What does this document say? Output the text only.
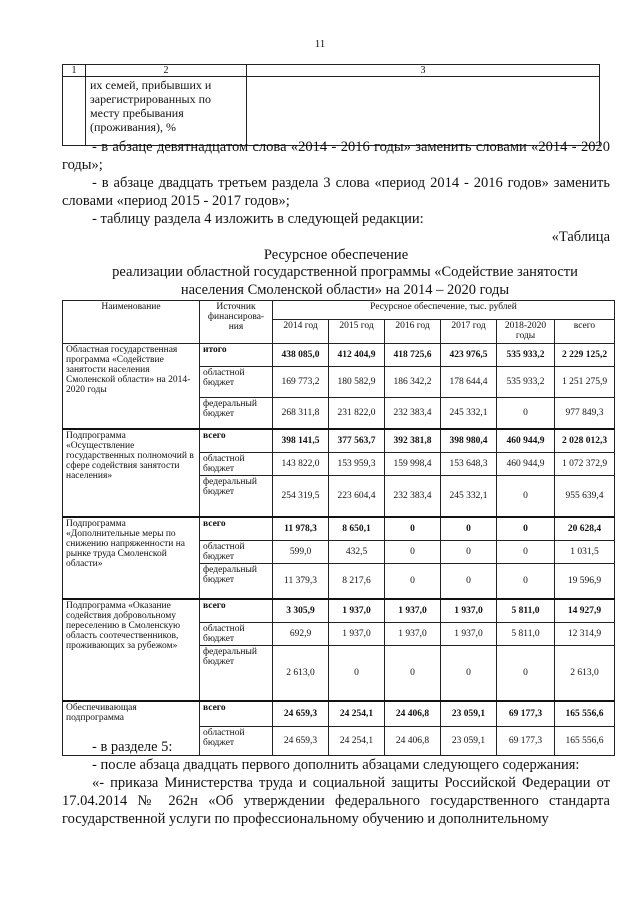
11
1	2	3
	их семей, прибывших и зарегистрированных по месту пребывания (проживания), %	
- в абзаце девятнадцатом слова «2014 - 2016 годы» заменить словами «2014 - 2020 годы»;
- в абзаце двадцать третьем раздела 3 слова «период 2014 - 2016 годов» заменить словами «период 2015 - 2017 годов»;
- таблицу раздела 4 изложить в следующей редакции:
«Таблица
Ресурсное обеспечение
реализации областной государственной программы «Содействие занятости населения Смоленской области» на 2014 – 2020 годы
Наименование	Источник финансирова-ния	Ресурсное обеспечение, тыс. рублей					
		2014 год	2015 год	2016 год	2017 год	2018-2020 годы	всего
Областная государственная программа «Содействие занятости населения Смоленской области» на 2014-2020 годы	итого	438 085,0	412 404,9	418 725,6	423 976,5	535 933,2	2 229 125,2
	областной бюджет	169 773,2	180 582,9	186 342,2	178 644,4	535 933,2	1 251 275,9
	федеральный бюджет	268 311,8	231 822,0	232 383,4	245 332,1	0	977 849,3
Подпрограмма «Осуществление государственных полномочий в сфере содействия занятости населения»	всего	398 141,5	377 563,7	392 381,8	398 980,4	460 944,9	2 028 012,3
	областной бюджет	143 822,0	153 959,3	159 998,4	153 648,3	460 944,9	1 072 372,9
	федеральный бюджет	254 319,5	223 604,4	232 383,4	245 332,1	0	955 639,4
Подпрограмма «Дополнительные меры по снижению напряженности на рынке труда Смоленской области»	всего	11 978,3	8 650,1	0	0	0	20 628,4
	областной бюджет	599,0	432,5	0	0	0	1 031,5
	федеральный бюджет	11 379,3	8 217,6	0	0	0	19 596,9
Подпрограмма «Оказание содействия добровольному переселению в Смоленскую область соотечественников, проживающих за рубежом»	всего	3 305,9	1 937,0	1 937,0	1 937,0	5 811,0	14 927,9
	областной бюджет	692,9	1 937,0	1 937,0	1 937,0	5 811,0	12 314,9
	федеральный бюджет	2 613,0	0	0	0	0	2 613,0
Обеспечивающая подпрограмма	всего	24 659,3	24 254,1	24 406,8	23 059,1	69 177,3	165 556,6
	областной бюджет	24 659,3	24 254,1	24 406,8	23 059,1	69 177,3	165 556,6
- в разделе 5:
- после абзаца двадцать первого дополнить абзацами следующего содержания:
«- приказа Министерства труда и социальной защиты Российской Федерации от 17.04.2014 № 262н «Об утверждении федерального государственного стандарта государственной услуги по профессиональному обучению и дополнительному
